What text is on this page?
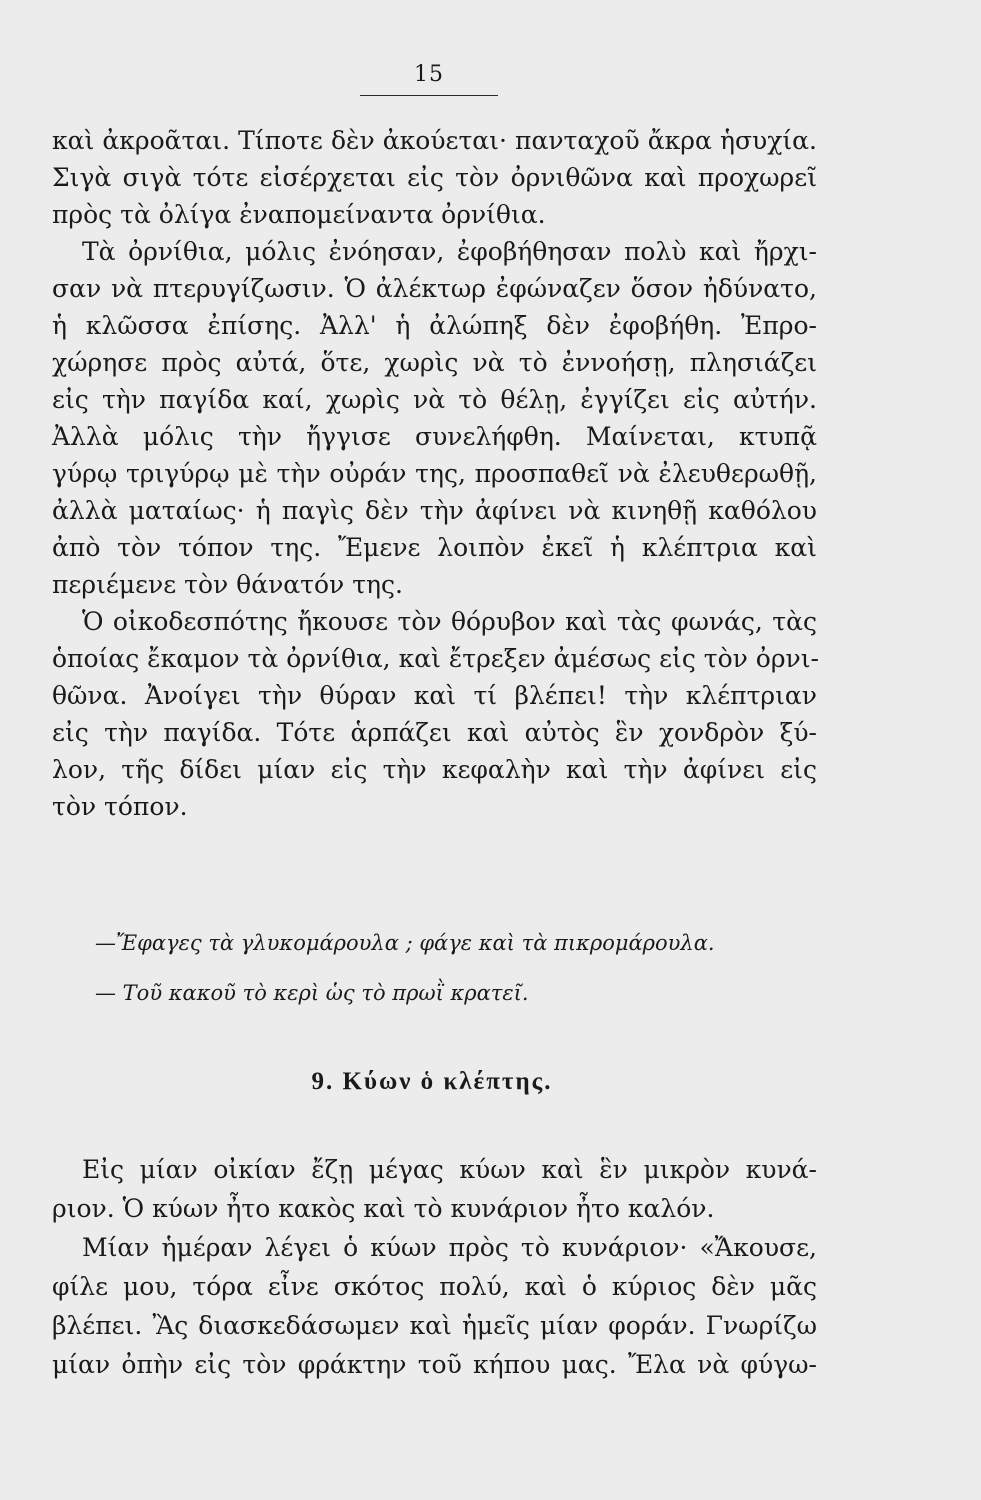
15
καὶ ἀκροᾶται. Τίποτε δὲν ἀκούεται· πανταχοῦ ἄκρα ἡσυχία.
Σιγὰ σιγὰ τότε εἰσέρχεται εἰς τὸν ὀρνιθῶνα καὶ προχωρεῖ
πρὸς τὰ ὀλίγα ἐναπομείναντα ὀρνίθια.
Τὰ ὀρνίθια, μόλις ἐνόησαν, ἐφοβήθησαν πολὺ καὶ ἤρχι-
σαν νὰ πτερυγίζωσιν. Ὁ ἀλέκτωρ ἐφώναζεν ὅσον ἠδύνατο,
ἡ κλῶσσα ἐπίσης. Ἀλλ' ἡ ἀλώπηξ δὲν ἐφοβήθη. Ἐπρο-
χώρησε πρὸς αὐτά, ὅτε, χωρὶς νὰ τὸ ἐννοήσῃ, πλησιάζει
εἰς τὴν παγίδα καί, χωρὶς νὰ τὸ θέλῃ, ἐγγίζει εἰς αὐτήν.
Ἀλλὰ μόλις τὴν ἤγγισε συνελήφθη. Μαίνεται, κτυπᾷ
γύρῳ τριγύρῳ μὲ τὴν οὐράν της, προσπαθεῖ νὰ ἐλευθερωθῇ,
ἀλλὰ ματαίως· ἡ παγὶς δὲν τὴν ἀφίνει νὰ κινηθῇ καθόλου
ἀπὸ τὸν τόπον της. Ἔμενε λοιπὸν ἐκεῖ ἡ κλέπτρια καὶ
περιέμενε τὸν θάνατόν της.
Ὁ οἰκοδεσπότης ἤκουσε τὸν θόρυβον καὶ τὰς φωνάς, τὰς
ὁποίας ἔκαμον τὰ ὀρνίθια, καὶ ἔτρεξεν ἀμέσως εἰς τὸν ὀρνι-
θῶνα. Ἀνοίγει τὴν θύραν καὶ τί βλέπει! τὴν κλέπτριαν
εἰς τὴν παγίδα. Τότε ἁρπάζει καὶ αὐτὸς ἓν χονδρὸν ξύ-
λον, τῆς δίδει μίαν εἰς τὴν κεφαλὴν καὶ τὴν ἀφίνει εἰς
τὸν τόπον.
—Ἔφαγες τὰ γλυκομάρουλα ; φάγε καὶ τὰ πικρομάρουλα.
— Τοῦ κακοῦ τὸ κερὶ ὡς τὸ πρωῒ κρατεῖ.
9. Κύων ὁ κλέπτης.
Εἰς μίαν οἰκίαν ἔζῃ μέγας κύων καὶ ἓν μικρὸν κυνά-
ριον. Ὁ κύων ἦτο κακὸς καὶ τὸ κυνάριον ἦτο καλόν.
Μίαν ἡμέραν λέγει ὁ κύων πρὸς τὸ κυνάριον· «Ἄκουσε,
φίλε μου, τόρα εἶνε σκότος πολύ, καὶ ὁ κύριος δὲν μᾶς
βλέπει. Ἂς διασκεδάσωμεν καὶ ἡμεῖς μίαν φοράν. Γνωρίζω
μίαν ὀπὴν εἰς τὸν φράκτην τοῦ κήπου μας. Ἔλα νὰ φύγω-
